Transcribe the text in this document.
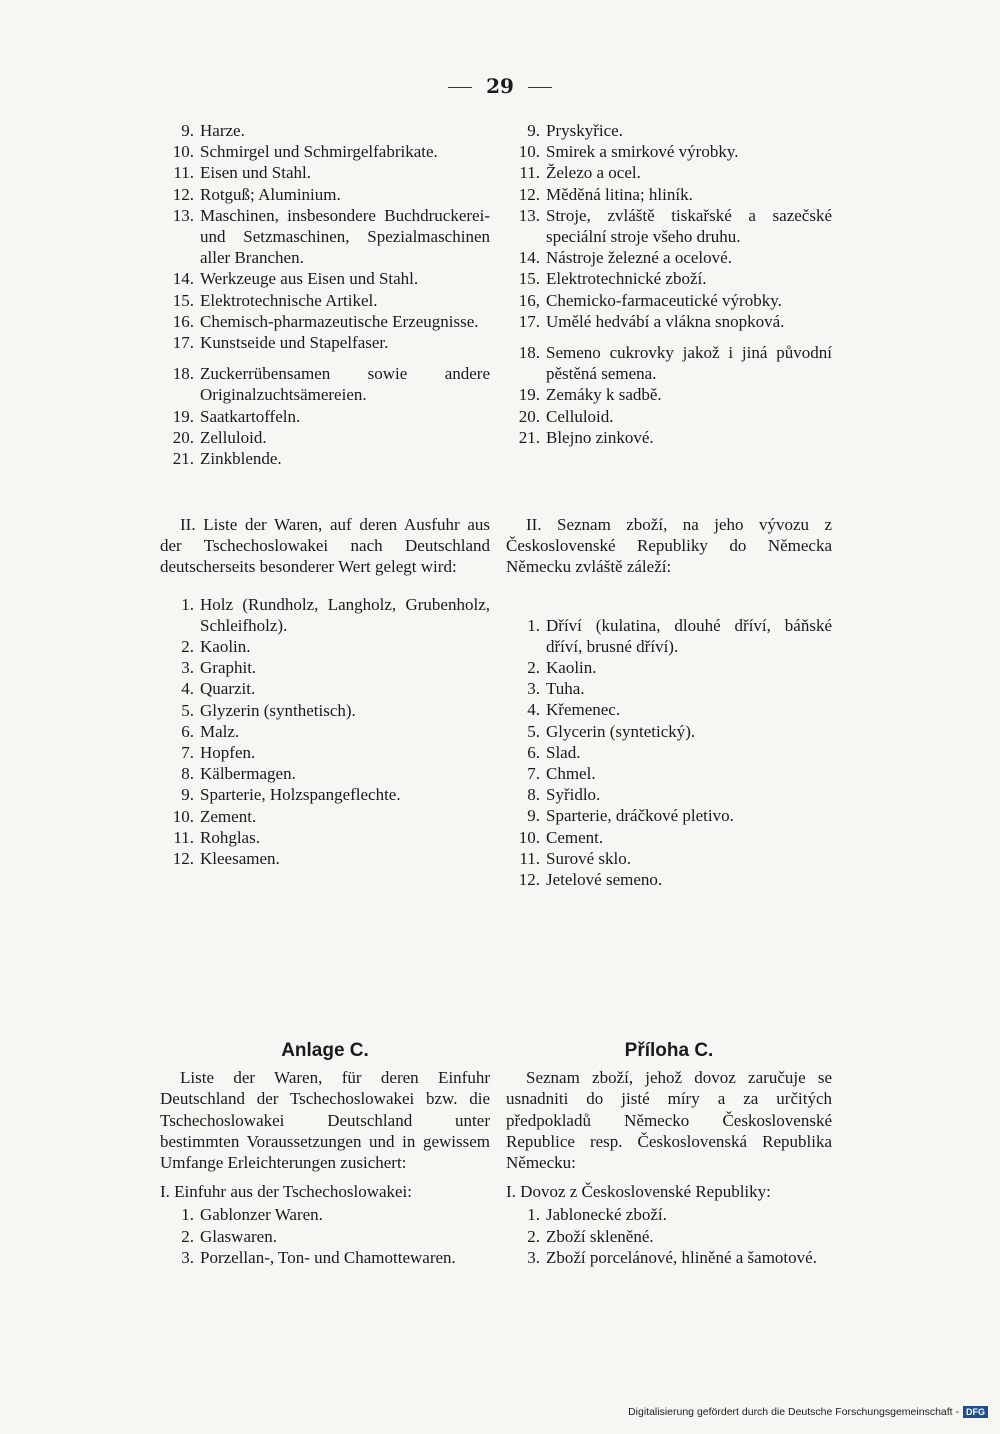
29
9. Harze.
10. Schmirgel und Schmirgelfabrikate.
11. Eisen und Stahl.
12. Rotguß; Aluminium.
13. Maschinen, insbesondere Buchdruckerei- und Setzmaschinen, Spezialmaschinen aller Branchen.
14. Werkzeuge aus Eisen und Stahl.
15. Elektrotechnische Artikel.
16. Chemisch-pharmazeutische Erzeugnisse.
17. Kunstseide und Stapelfaser.
18. Zuckerrübensamen sowie andere Originalzuchtsämereien.
19. Saatkartoffeln.
20. Zelluloid.
21. Zinkblende.
9. Pryskyřice.
10. Smirek a smirkové výrobky.
11. Železo a ocel.
12. Měděná litina; hliník.
13. Stroje, zvláště tiskařské a sazečské speciální stroje všeho druhu.
14. Nástroje železné a ocelové.
15. Elektrotechnické zboží.
16, Chemicko-farmaceutické výrobky.
17. Umělé hedvábí a vlákna snopková.
18. Semeno cukrovky jakož i jiná původní pěstěná semena.
19. Zemáky k sadbě.
20. Celluloid.
21. Blejno zinkové.
II. Liste der Waren, auf deren Ausfuhr aus der Tschechoslowakei nach Deutschland deutscherseits besonderer Wert gelegt wird:
1. Holz (Rundholz, Langholz, Grubenholz, Schleifholz).
2. Kaolin.
3. Graphit.
4. Quarzit.
5. Glyzerin (synthetisch).
6. Malz.
7. Hopfen.
8. Kälbermagen.
9. Sparterie, Holzspangeflechte.
10. Zement.
11. Rohglas.
12. Kleesamen.
II. Seznam zboží, na jeho vývozu z Československé Republiky do Německa Německu zvláště záleží:
1. Dříví (kulatina, dlouhé dříví, báňské dříví, brusné dříví).
2. Kaolin.
3. Tuha.
4. Křemenec.
5. Glycerin (syntetický).
6. Slad.
7. Chmel.
8. Syřidlo.
9. Sparterie, dráčkové pletivo.
10. Cement.
11. Surové sklo.
12. Jetelové semeno.
Anlage C.
Liste der Waren, für deren Einfuhr Deutschland der Tschechoslowakei bzw. die Tschechoslowakei Deutschland unter bestimmten Voraussetzungen und in gewissem Umfange Erleichterungen zusichert:
I. Einfuhr aus der Tschechoslowakei:
1. Gablonzer Waren.
2. Glaswaren.
3. Porzellan-, Ton- und Chamottewaren.
Příloha C.
Seznam zboží, jehož dovoz zaručuje se usnadniti do jisté míry a za určitých předpokladů Německo Československé Republice resp. Československá Republika Německu:
I. Dovoz z Československé Republiky:
1. Jablonecké zboží.
2. Zboží skleněné.
3. Zboží porcelánové, hliněné a šamotové.
Digitalisierung gefördert durch die Deutsche Forschungsgemeinschaft - DFG
